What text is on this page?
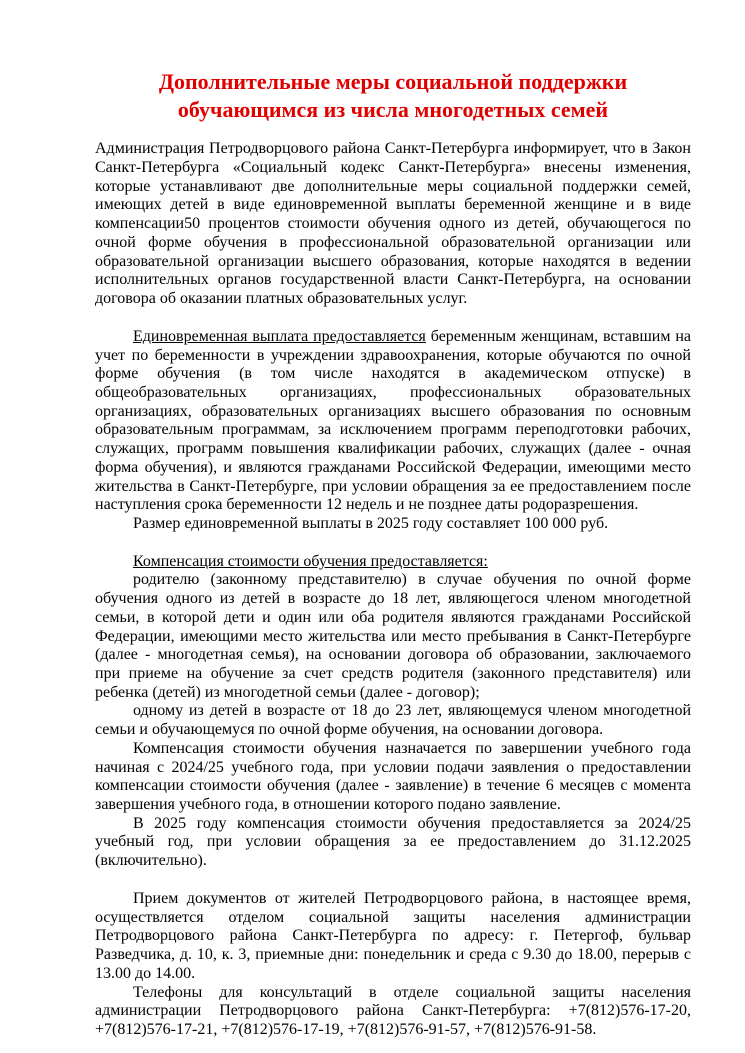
Дополнительные меры социальной поддержки
обучающимся из числа многодетных семей

Администрация Петродворцового района Санкт-Петербурга информирует, что в Закон Санкт-Петербурга «Социальный кодекс Санкт-Петербурга» внесены изменения, которые устанавливают две дополнительные меры социальной поддержки семей, имеющих детей в виде единовременной выплаты беременной женщине и в виде компенсации50 процентов стоимости обучения одного из детей, обучающегося по очной форме обучения в профессиональной образовательной организации или образовательной организации высшего образования, которые находятся в ведении исполнительных органов государственной власти Санкт-Петербурга, на основании договора об оказании платных образовательных услуг.

Единовременная выплата предоставляется беременным женщинам, вставшим на учет по беременности в учреждении здравоохранения, которые обучаются по очной форме обучения (в том числе находятся в академическом отпуске) в общеобразовательных организациях, профессиональных образовательных организациях, образовательных организациях высшего образования по основным образовательным программам, за исключением программ переподготовки рабочих, служащих, программ повышения квалификации рабочих, служащих (далее - очная форма обучения), и являются гражданами Российской Федерации, имеющими место жительства в Санкт-Петербурге, при условии обращения за ее предоставлением после наступления срока беременности 12 недель и не позднее даты родоразрешения.

Размер единовременной выплаты в 2025 году составляет 100 000 руб.

Компенсация стоимости обучения предоставляется:

родителю (законному представителю) в случае обучения по очной форме обучения одного из детей в возрасте до 18 лет, являющегося членом многодетной семьи, в которой дети и один или оба родителя являются гражданами Российской Федерации, имеющими место жительства или место пребывания в Санкт-Петербурге (далее - многодетная семья), на основании договора об образовании, заключаемого при приеме на обучение за счет средств родителя (законного представителя) или ребенка (детей) из многодетной семьи (далее - договор);

одному из детей в возрасте от 18 до 23 лет, являющемуся членом многодетной семьи и обучающемуся по очной форме обучения, на основании договора.

Компенсация стоимости обучения назначается по завершении учебного года начиная с 2024/25 учебного года, при условии подачи заявления о предоставлении компенсации стоимости обучения (далее - заявление) в течение 6 месяцев с момента завершения учебного года, в отношении которого подано заявление.

В 2025 году компенсация стоимости обучения предоставляется за 2024/25 учебный год, при условии обращения за ее предоставлением до 31.12.2025 (включительно).

Прием документов от жителей Петродворцового района, в настоящее время, осуществляется отделом социальной защиты населения администрации Петродворцового района Санкт-Петербурга по адресу: г. Петергоф, бульвар Разведчика, д. 10, к. 3, приемные дни: понедельник и среда с 9.30 до 18.00, перерыв с 13.00 до 14.00.

Телефоны для консультаций в отделе социальной защиты населения администрации Петродворцового района Санкт-Петербурга: +7(812)576-17-20, +7(812)576-17-21, +7(812)576-17-19, +7(812)576-91-57, +7(812)576-91-58.
